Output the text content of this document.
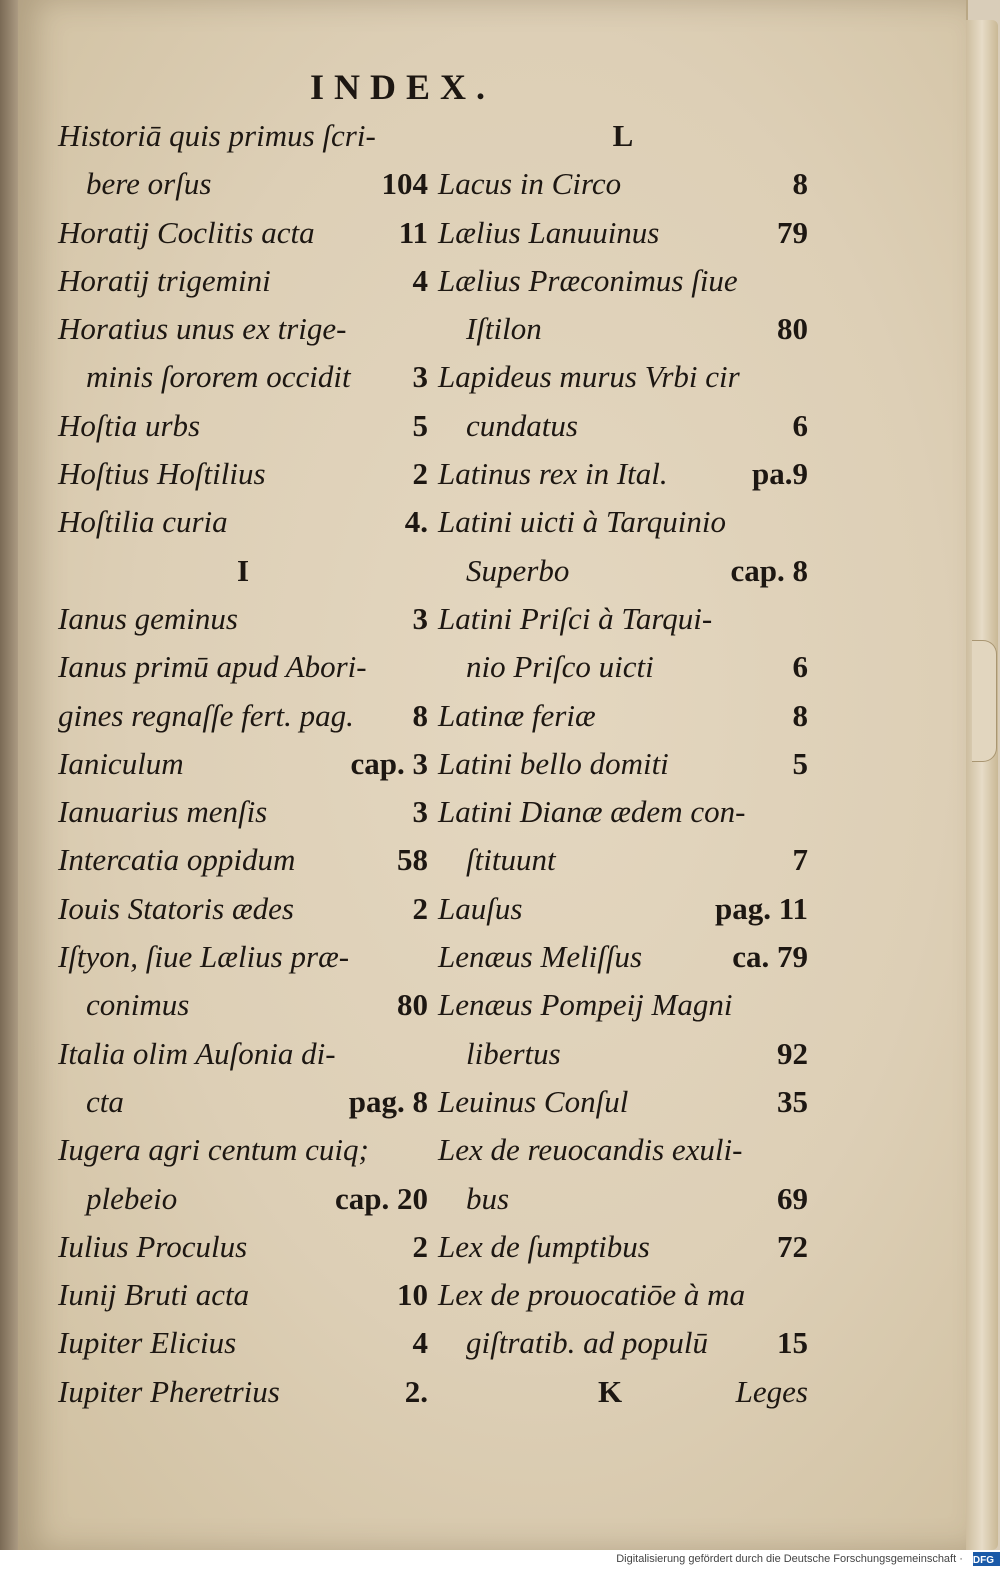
INDEX.
Historiā quis primus ſcri-
bere orſus	104
Horatij Coclitis acta	11
Horatij trigemini	4
Horatius unus ex trige-
minis ſororem occidit 3
Hoſtia urbs	5
Hoſtius Hoſtilius	2
Hoſtilia curia	4.
I
Ianus geminus	3
Ianus primū apud Abori-
gines regnaſſe fert. pag. 8
Ianiculum	cap. 3
Ianuarius menſis	3
Intercatia oppidum	58
Iouis Statoris ædes	2
Iſtyon, ſiue Lælius præ-
conimus	80
Italia olim Auſonia di-
cta	pag. 8
Iugera agri centum cuiq;
plebeio	cap. 20
Iulius Proculus	2
Iunij Bruti acta	10
Iupiter Elicius	4
Iupiter Pheretrius	2.
L
Lacus in Circo	8
Lælius Lanuuinus	79
Lælius Præconimus ſiue
Iſtilon	80
Lapideus murus Vrbi cir
cundatus	6
Latinus rex in Ital.	pa.9
Latini uicti à Tarquinio
Superbo	cap. 8
Latini Priſci à Tarqui-
nio Priſco uicti	6
Latinæ feriæ	8
Latini bello domiti	5
Latini Dianæ ædem con-
ſtituunt	7
Lauſus	pag. 11
Lenæus Meliſſus	ca. 79
Lenæus Pompeij Magni
libertus	92
Leuinus Conſul	35
Lex de reuocandis exuli-
bus	69
Lex de ſumptibus	72
Lex de prouocatiōe à ma
giſtratib. ad populū 15
K	Leges
Digitalisierung gefördert durch die Deutsche Forschungsgemeinschaft · DFG
